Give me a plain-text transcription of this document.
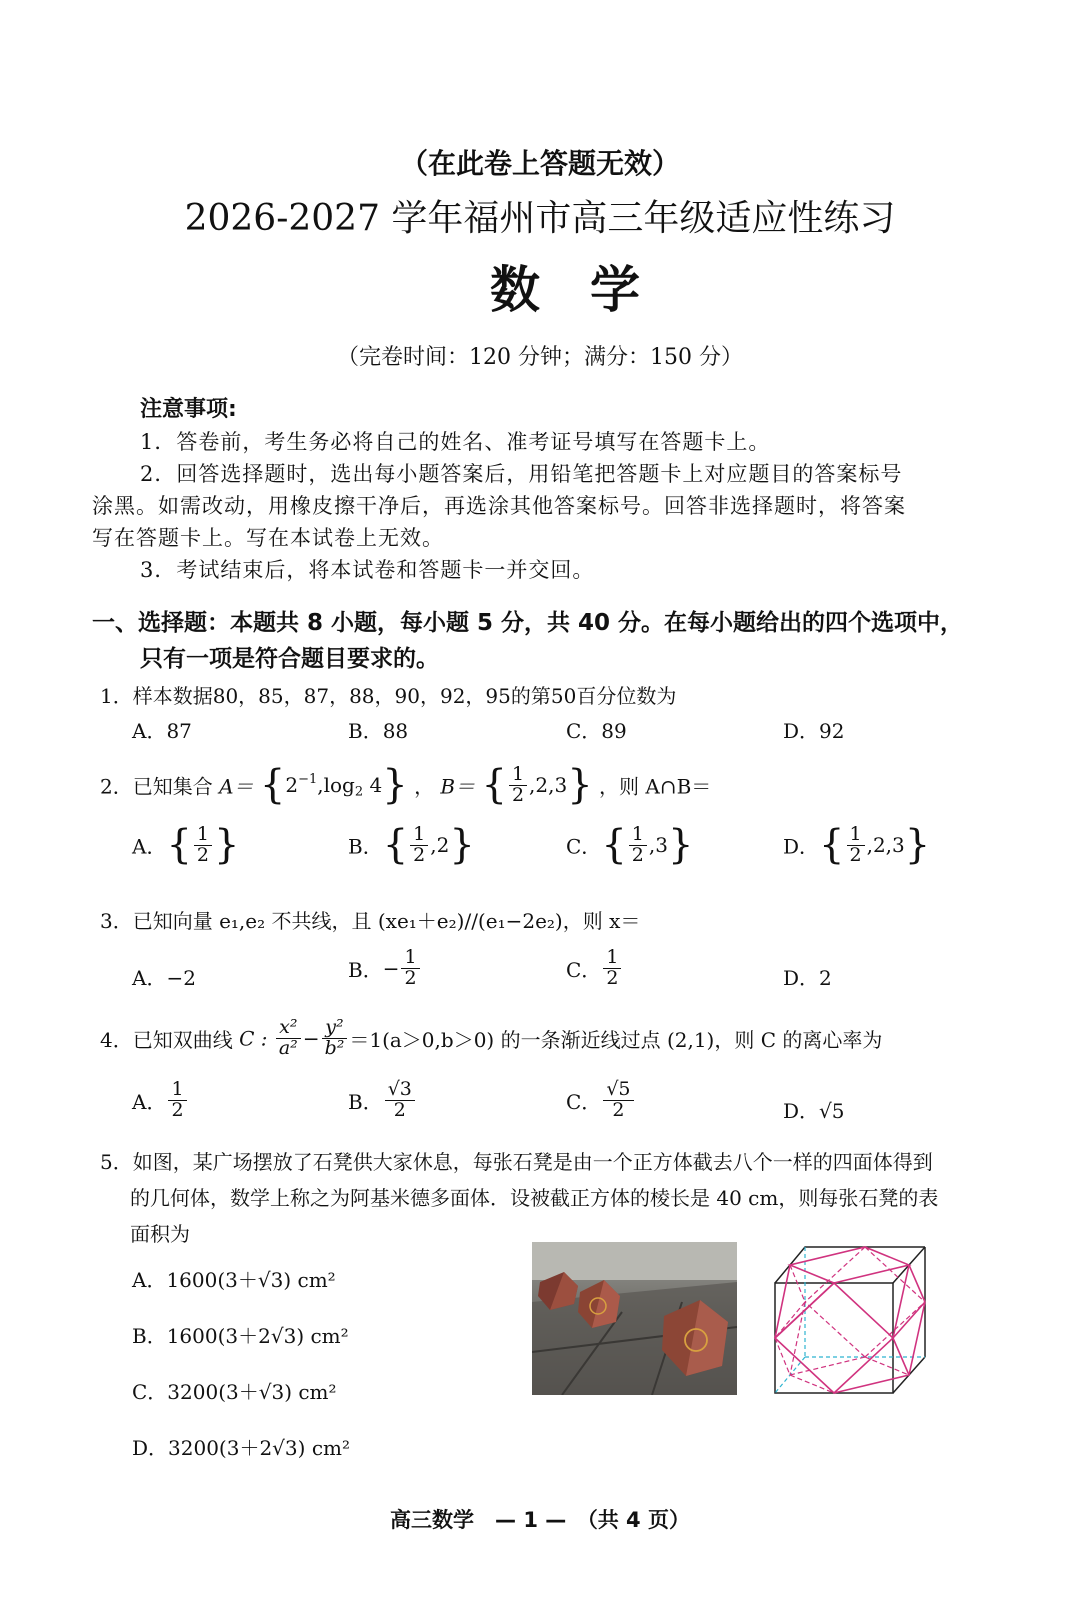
（在此卷上答题无效）
2026-2027 学年福州市高三年级适应性练习
数学
（完卷时间：120 分钟；满分：150 分）
注意事项:
1．答卷前，考生务必将自己的姓名、准考证号填写在答题卡上。
2．回答选择题时，选出每小题答案后，用铅笔把答题卡上对应题目的答案标号
涂黑。如需改动，用橡皮擦干净后，再选涂其他答案标号。回答非选择题时，将答案
写在答题卡上。写在本试卷上无效。
3．考试结束后，将本试卷和答题卡一并交回。
一、选择题：本题共 8 小题，每小题 5 分，共 40 分。在每小题给出的四个选项中，
只有一项是符合题目要求的。
1．样本数据80，85，87，88，90，92，95的第50百分位数为
A．87	B．88	C．89	D．92
2．已知集合 $A= \{2^{-1},\log_2$ 4} ， B＝ { $\frac{1}{2} ,2,3$} ，则 A∩B＝
A．{ $\frac{1}{2}$ }	B．{ $\frac{1}{2} ,2$}	C．{ $\frac{1}{2} ,3$}	D．{ $\frac{1}{2} ,2,3$}
3．已知向量 e₁,e₂ 不共线，且 (xe₁＋e₂)//(e₁−2e₂)，则 x＝
A．−2	B．− $\frac{1}{2}$	C． $\frac{1}{2}$	D．2
4．已知双曲线 C : $\frac{\text{x²}}{\text{a²}} - \frac{\text{y²}}{\text{b²}} =1(a>0,b>0)$ 的一条渐近线过点 (2,1)，则 C 的离心率为
A． $\frac{1}{2}$	B． $\frac{√3}{2}$	C． $\frac{√5}{2}$	D．√5
5．如图，某广场摆放了石凳供大家休息，每张石凳是由一个正方体截去八个一样的四面体得到
的几何体，数学上称之为阿基米德多面体．设被截正方体的棱长是 40 cm，则每张石凳的表
面积为
A．1600(3＋√3) cm²
B．1600(3＋2√3) cm²
C．3200(3＋√3) cm²
D．3200(3＋2√3) cm²
高三数学　— 1 —　（共 4 页）
